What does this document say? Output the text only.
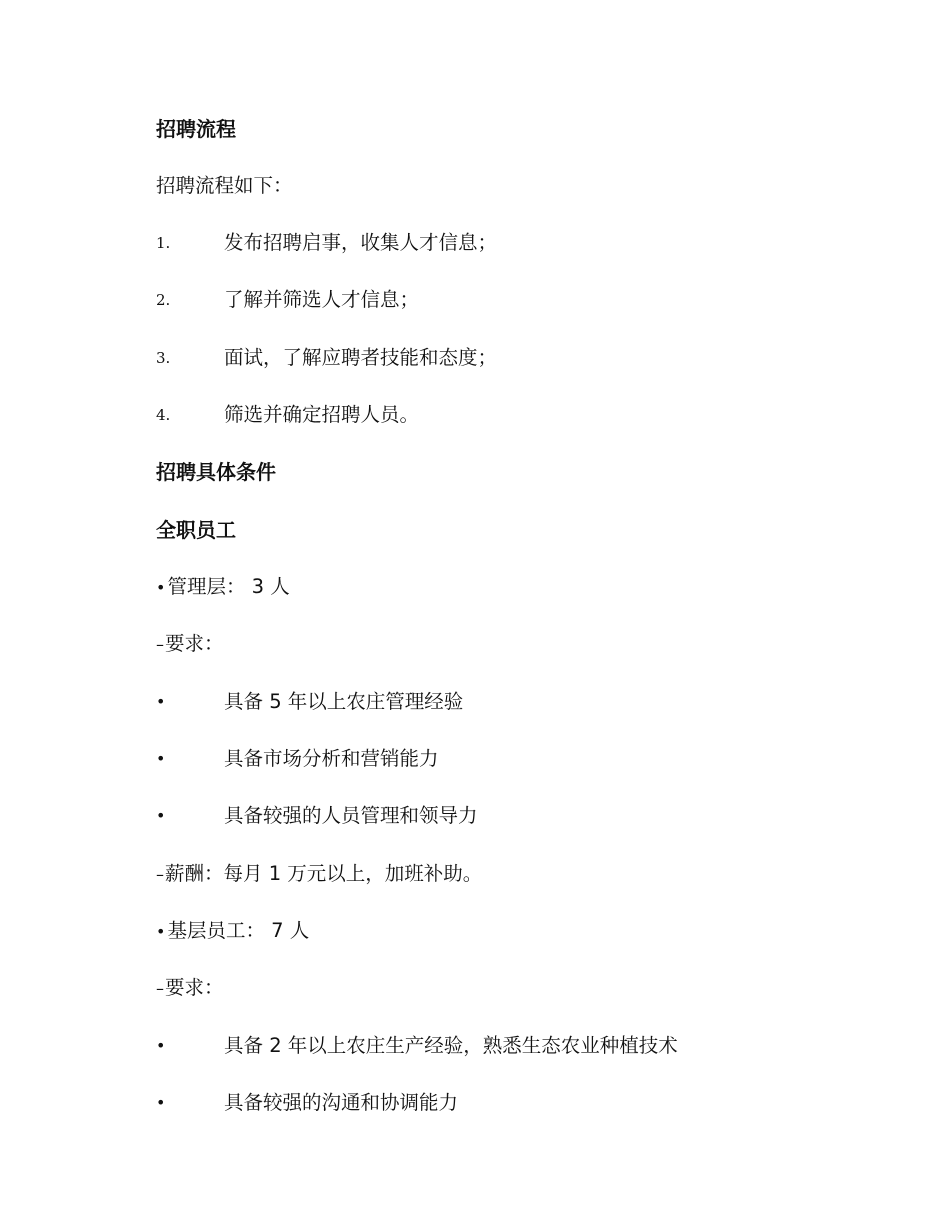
招聘流程
招聘流程如下：
1.	发布招聘启事，收集人才信息；
2.	了解并筛选人才信息；
3.	面试，了解应聘者技能和态度；
4.	筛选并确定招聘人员。
招聘具体条件
全职员工
• 管理层： 3 人
–要求：
•	具备 5 年以上农庄管理经验
•	具备市场分析和营销能力
•	具备较强的人员管理和领导力
–薪酬：每月 1 万元以上，加班补助。
• 基层员工： 7 人
–要求：
•	具备 2 年以上农庄生产经验，熟悉生态农业种植技术
•	具备较强的沟通和协调能力
